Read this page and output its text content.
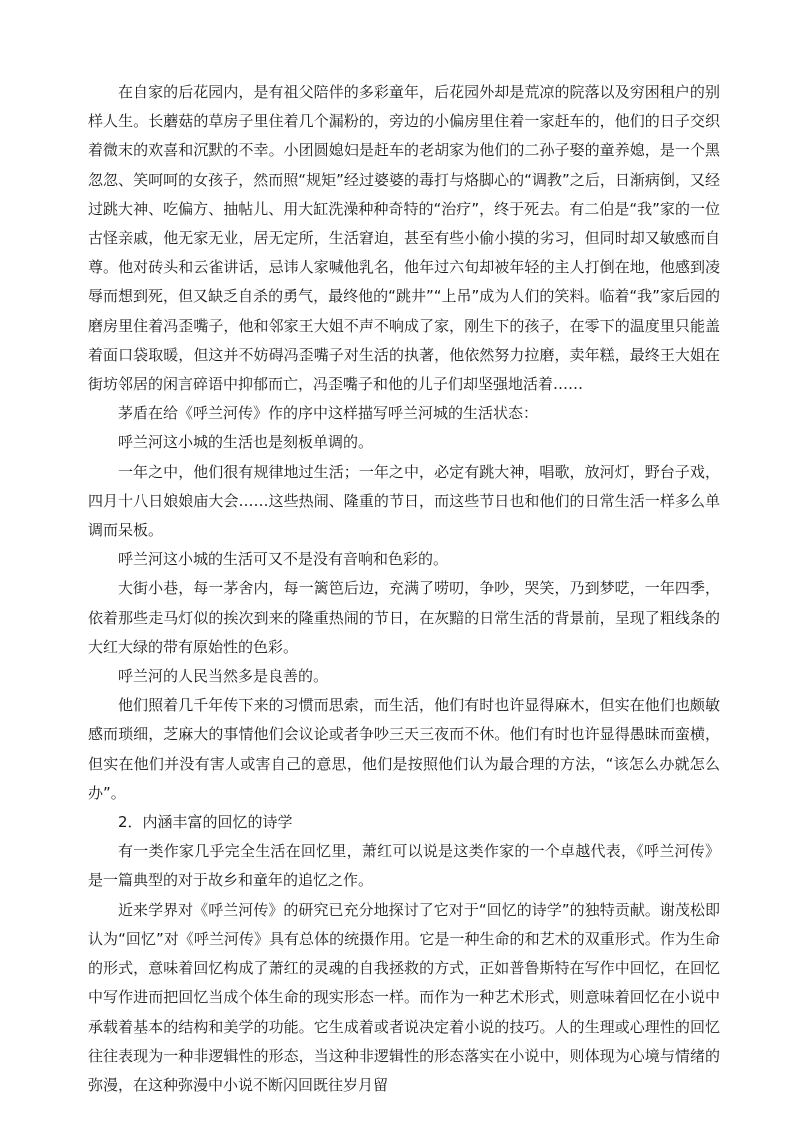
在自家的后花园内，是有祖父陪伴的多彩童年，后花园外却是荒凉的院落以及穷困租户的别样人生。长蘑菇的草房子里住着几个漏粉的，旁边的小偏房里住着一家赶车的，他们的日子交织着微末的欢喜和沉默的不幸。小团圆媳妇是赶车的老胡家为他们的二孙子娶的童养媳，是一个黑忽忽、笑呵呵的女孩子，然而照“规矩”经过婆婆的毒打与烙脚心的“调教”之后，日渐病倒，又经过跳大神、吃偏方、抽帖儿、用大缸洗澡种种奇特的“治疗”，终于死去。有二伯是“我”家的一位古怪亲戚，他无家无业，居无定所，生活窘迫，甚至有些小偷小摸的劣习，但同时却又敏感而自尊。他对砖头和云雀讲话，忌讳人家喊他乳名，他年过六旬却被年轻的主人打倒在地，他感到凌辱而想到死，但又缺乏自杀的勇气，最终他的“跳井”“上吊”成为人们的笑料。临着“我”家后园的磨房里住着冯歪嘴子，他和邻家王大姐不声不响成了家，刚生下的孩子，在零下的温度里只能盖着面口袋取暖，但这并不妨碍冯歪嘴子对生活的执著，他依然努力拉磨，卖年糕，最终王大姐在街坊邻居的闲言碎语中抑郁而亡，冯歪嘴子和他的儿子们却坚强地活着……

茅盾在给《呼兰河传》作的序中这样描写呼兰河城的生活状态：

呼兰河这小城的生活也是刻板单调的。

一年之中，他们很有规律地过生活；一年之中，必定有跳大神，唱歌，放河灯，野台子戏，四月十八日娘娘庙大会……这些热闹、隆重的节日，而这些节日也和他们的日常生活一样多么单调而呆板。

呼兰河这小城的生活可又不是没有音响和色彩的。

大街小巷，每一茅舍内，每一篱笆后边，充满了唠叨，争吵，哭笑，乃到梦呓，一年四季，依着那些走马灯似的挨次到来的隆重热闹的节日，在灰黯的日常生活的背景前，呈现了粗线条的大红大绿的带有原始性的色彩。

呼兰河的人民当然多是良善的。

他们照着几千年传下来的习惯而思索，而生活，他们有时也许显得麻木，但实在他们也颇敏感而琐细，芝麻大的事情他们会议论或者争吵三天三夜而不休。他们有时也许显得愚昧而蛮横，但实在他们并没有害人或害自己的意思，他们是按照他们认为最合理的方法，“该怎么办就怎么办”。

2．内涵丰富的回忆的诗学

有一类作家几乎完全生活在回忆里，萧红可以说是这类作家的一个卓越代表，《呼兰河传》是一篇典型的对于故乡和童年的追忆之作。

近来学界对《呼兰河传》的研究已充分地探讨了它对于“回忆的诗学”的独特贡献。谢茂松即认为“回忆”对《呼兰河传》具有总体的统摄作用。它是一种生命的和艺术的双重形式。作为生命的形式，意味着回忆构成了萧红的灵魂的自我拯救的方式，正如普鲁斯特在写作中回忆，在回忆中写作进而把回忆当成个体生命的现实形态一样。而作为一种艺术形式，则意味着回忆在小说中承载着基本的结构和美学的功能。它生成着或者说决定着小说的技巧。人的生理或心理性的回忆往往表现为一种非逻辑性的形态，当这种非逻辑性的形态落实在小说中，则体现为心境与情绪的弥漫，在这种弥漫中小说不断闪回既往岁月留
